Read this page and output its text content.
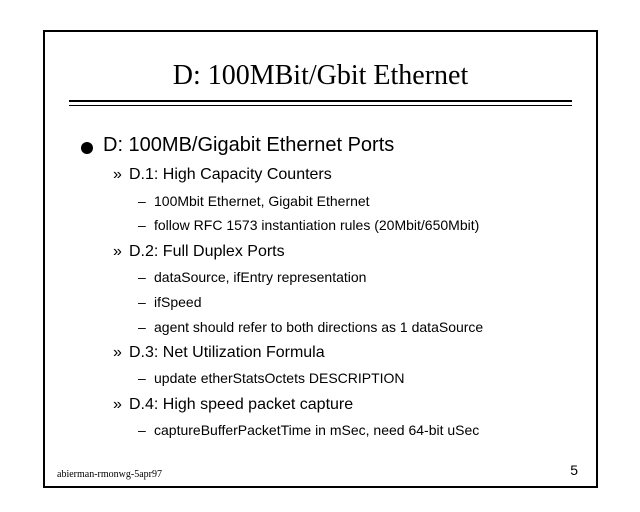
D: 100MBit/Gbit Ethernet
D: 100MB/Gigabit Ethernet Ports
» D.1: High Capacity Counters
– 100Mbit Ethernet, Gigabit Ethernet
– follow RFC 1573 instantiation rules (20Mbit/650Mbit)
» D.2: Full Duplex Ports
– dataSource, ifEntry representation
– ifSpeed
– agent should refer to both directions as 1 dataSource
» D.3: Net Utilization Formula
– update etherStatsOctets DESCRIPTION
» D.4: High speed packet capture
– captureBufferPacketTime in mSec, need 64-bit uSec
abierman-rmonwg-5apr97	5
